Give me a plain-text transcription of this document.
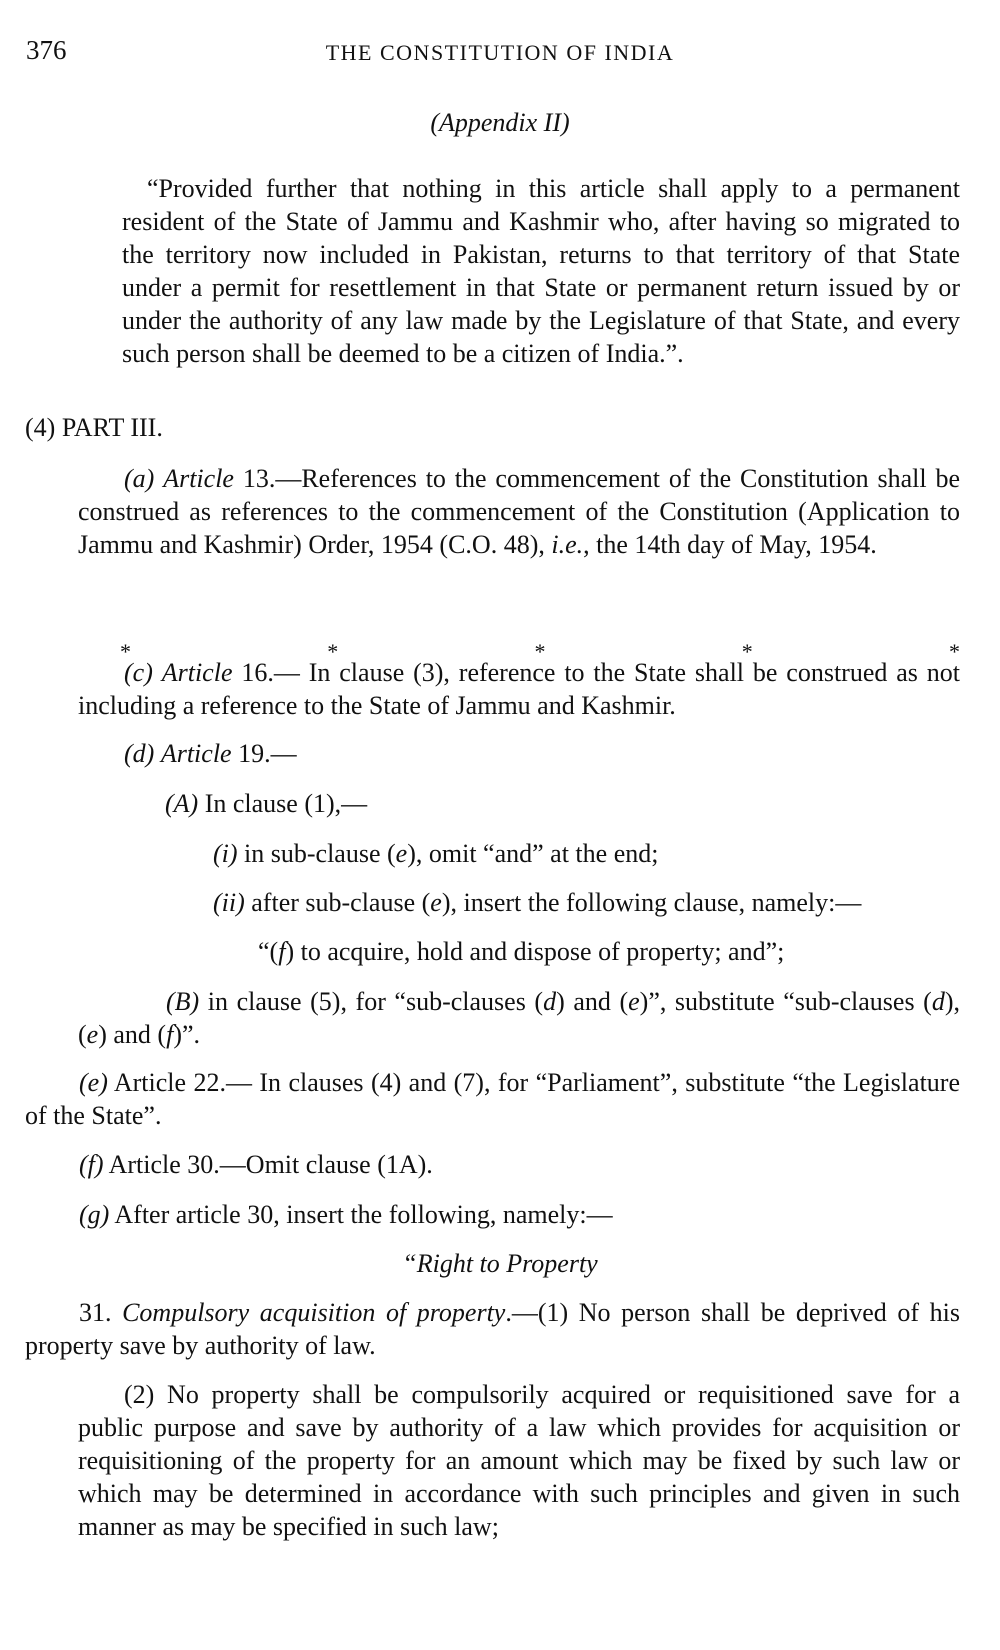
376	THE CONSTITUTION OF INDIA
(Appendix II)

“Provided further that nothing in this article shall apply to a permanent resident of the State of Jammu and Kashmir who, after having so migrated to the territory now included in Pakistan, returns to that territory of that State under a permit for resettlement in that State or permanent return issued by or under the authority of any law made by the Legislature of that State, and every such person shall be deemed to be a citizen of India.”.

(4) PART III.

(a) Article 13.—References to the commencement of the Constitution shall be construed as references to the commencement of the Constitution (Application to Jammu and Kashmir) Order, 1954 (C.O. 48), i.e., the 14th day of May, 1954.

*	*	*	*	*

(c) Article 16.— In clause (3), reference to the State shall be construed as not including a reference to the State of Jammu and Kashmir.

(d) Article 19.—
(A) In clause (1),—
(i) in sub-clause (e), omit “and” at the end;
(ii) after sub-clause (e), insert the following clause, namely:—
“(f) to acquire, hold and dispose of property; and”;

(B) in clause (5), for “sub-clauses (d) and (e)”, substitute “sub-clauses (d), (e) and (f)”.

(e) Article 22.— In clauses (4) and (7), for “Parliament”, substitute “the Legislature of the State”.

(f) Article 30.—Omit clause (1A).
(g) After article 30, insert the following, namely:—
“Right to Property

31. Compulsory acquisition of property.—(1) No person shall be deprived of his property save by authority of law.

(2) No property shall be compulsorily acquired or requisitioned save for a public purpose and save by authority of a law which provides for acquisition or requisitioning of the property for an amount which may be fixed by such law or which may be determined in accordance with such principles and given in such manner as may be specified in such law;
